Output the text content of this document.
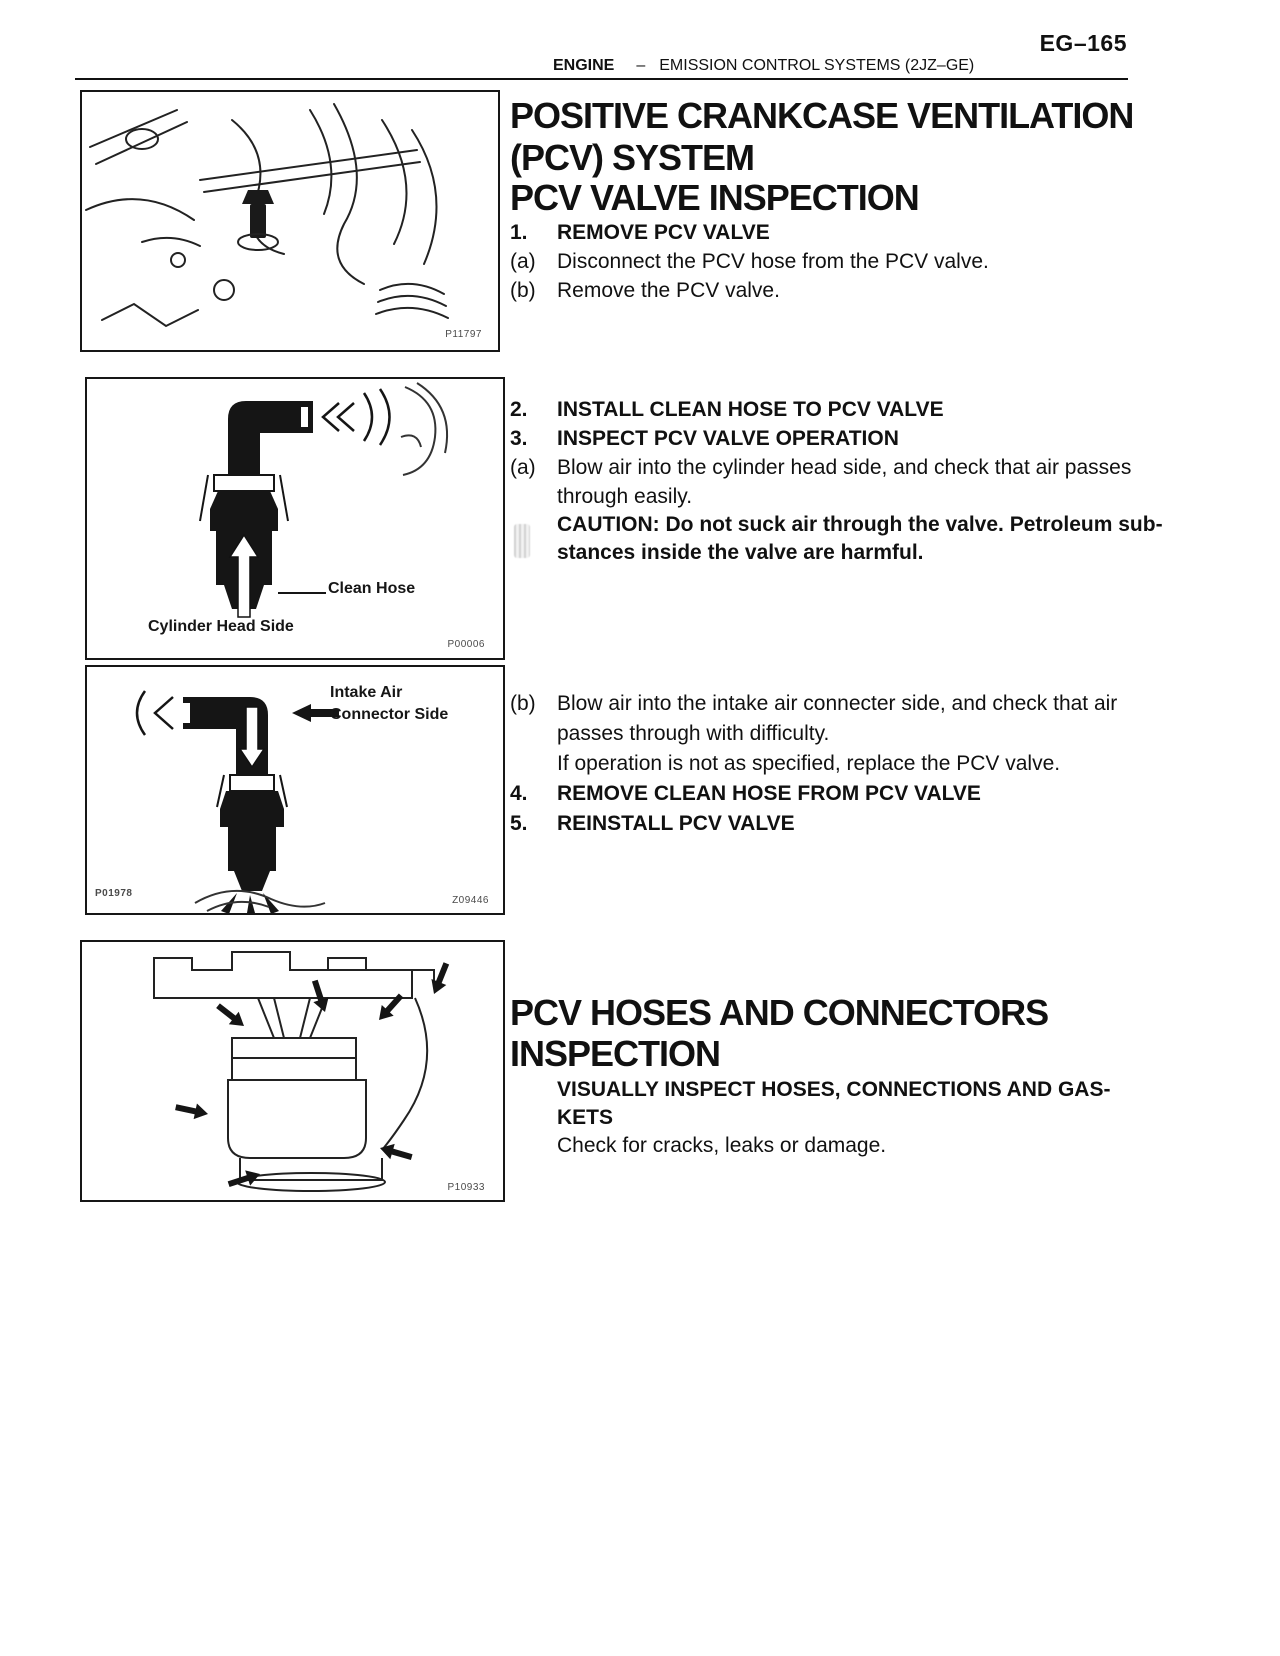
EG–165
ENGINE – EMISSION CONTROL SYSTEMS (2JZ–GE)
P11797
POSITIVE CRANKCASE VENTILATION
(PCV) SYSTEM
PCV VALVE INSPECTION
1. REMOVE PCV VALVE
(a) Disconnect the PCV hose from the PCV valve.
(b) Remove the PCV valve.
Clean Hose
Cylinder Head Side
P00006
2. INSTALL CLEAN HOSE TO PCV VALVE
3. INSPECT PCV VALVE OPERATION
(a) Blow air into the cylinder head side, and check that air passes
through easily.
CAUTION: Do not suck air through the valve. Petroleum sub-
stances inside the valve are harmful.
Intake Air
Connector Side
P01978
Z09446
(b) Blow air into the intake air connecter side, and check that air
passes through with difficulty.
If operation is not as specified, replace the PCV valve.
4. REMOVE CLEAN HOSE FROM PCV VALVE
5. REINSTALL PCV VALVE
P10933
PCV HOSES AND CONNECTORS
INSPECTION
VISUALLY INSPECT HOSES, CONNECTIONS AND GAS-
KETS
Check for cracks, leaks or damage.
